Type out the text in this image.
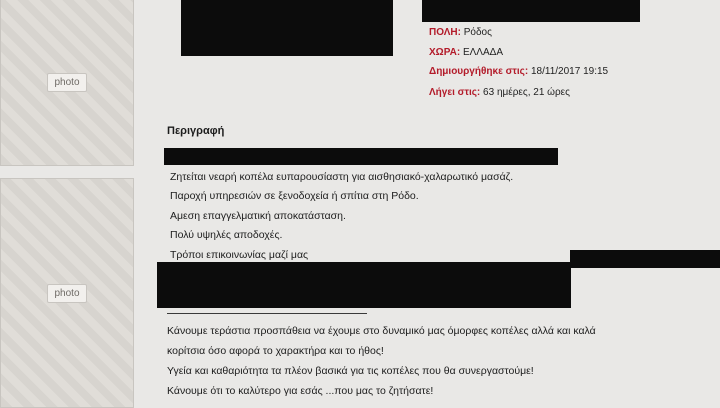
photo
photo
ΠΟΛΗ: Ρόδος
ΧΩΡΑ: ΕΛΛΑΔΑ
Δημιουργήθηκε στις: 18/11/2017 19:15
Λήγει στις: 63 ημέρες, 21 ώρες
Περιγραφή
Ζητείται νεαρή κοπέλα ευπαρουσίαστη για αισθησιακό-χαλαρωτικό μασάζ.
Παροχή υπηρεσιών σε ξενοδοχεία ή σπίτια στη Ρόδο.
Αμεση επαγγελματική αποκατάσταση.
Πολύ υψηλές αποδοχές.
Τρόποι επικοινωνίας μαζί μας
Κάνουμε τεράστια προσπάθεια να έχουμε στο δυναμικό μας όμορφες κοπέλες αλλά και καλά
κορίτσια όσο αφορά το χαρακτήρα και το ήθος!
Υγεία και καθαριότητα τα πλέον βασικά για τις κοπέλες που θα συνεργαστούμε!
Κάνουμε ότι το καλύτερο για εσάς ...που μας το ζητήσατε!
